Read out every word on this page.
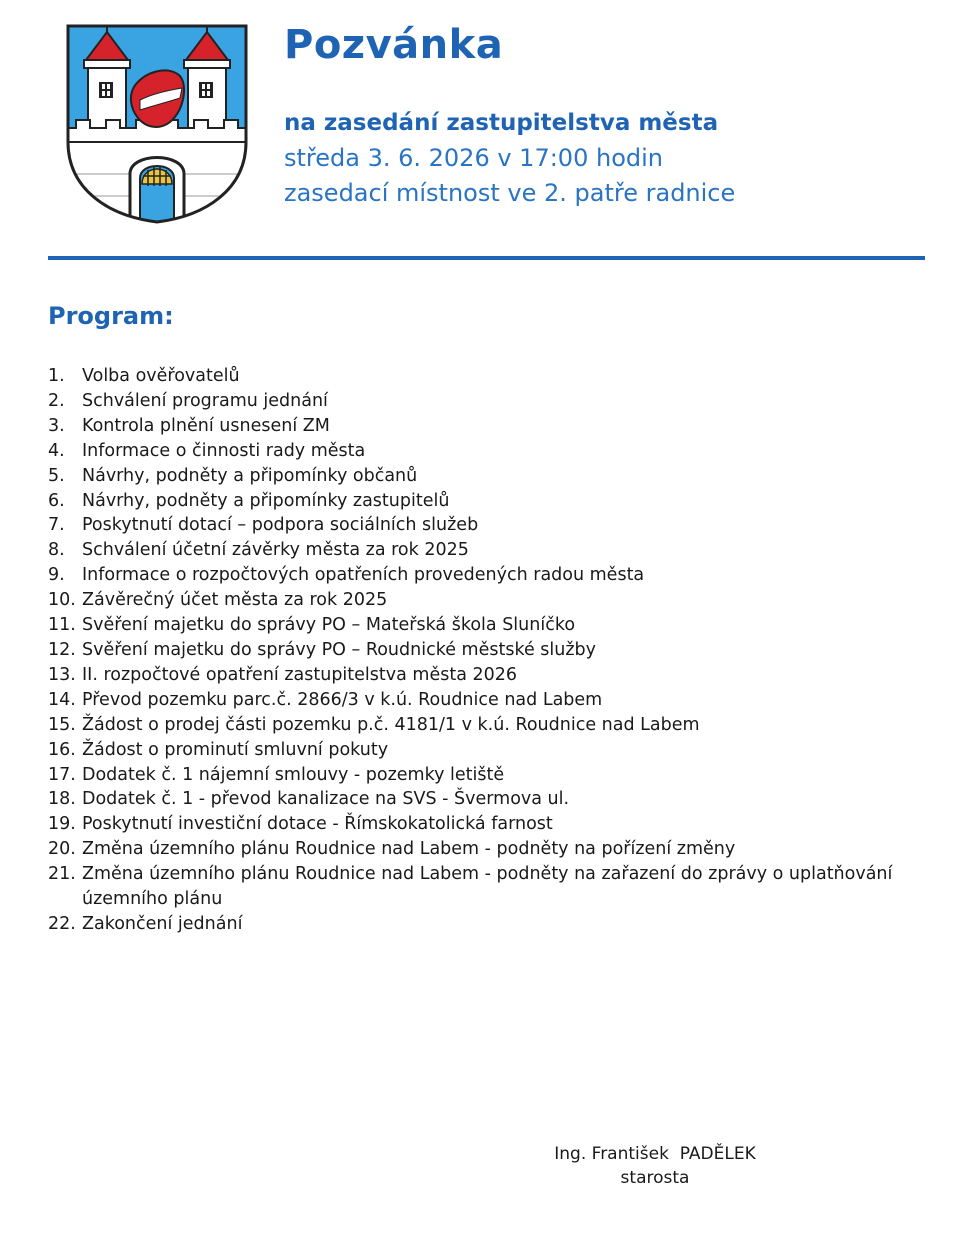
Pozvánka
na zasedání zastupitelstva města
středa 3. 6. 2026 v 17:00 hodin
zasedací místnost ve 2. patře radnice
Program:
1. Volba ověřovatelů
2. Schválení programu jednání
3. Kontrola plnění usnesení ZM
4. Informace o činnosti rady města
5. Návrhy, podněty a připomínky občanů
6. Návrhy, podněty a připomínky zastupitelů
7. Poskytnutí dotací – podpora sociálních služeb
8. Schválení účetní závěrky města za rok 2025
9. Informace o rozpočtových opatřeních provedených radou města
10. Závěrečný účet města za rok 2025
11. Svěření majetku do správy PO – Mateřská škola Sluníčko
12. Svěření majetku do správy PO – Roudnické městské služby
13. II. rozpočtové opatření zastupitelstva města 2026
14. Převod pozemku parc.č. 2866/3 v k.ú. Roudnice nad Labem
15. Žádost o prodej části pozemku p.č. 4181/1 v k.ú. Roudnice nad Labem
16. Žádost o prominutí smluvní pokuty
17. Dodatek č. 1 nájemní smlouvy - pozemky letiště
18. Dodatek č. 1 - převod kanalizace na SVS - Švermova ul.
19. Poskytnutí investiční dotace - Římskokatolická farnost
20. Změna územního plánu Roudnice nad Labem - podněty na pořízení změny
21. Změna územního plánu Roudnice nad Labem - podněty na zařazení do zprávy o uplatňování územního plánu
22. Zakončení jednání
Ing. František  PADĚLEK
starosta
